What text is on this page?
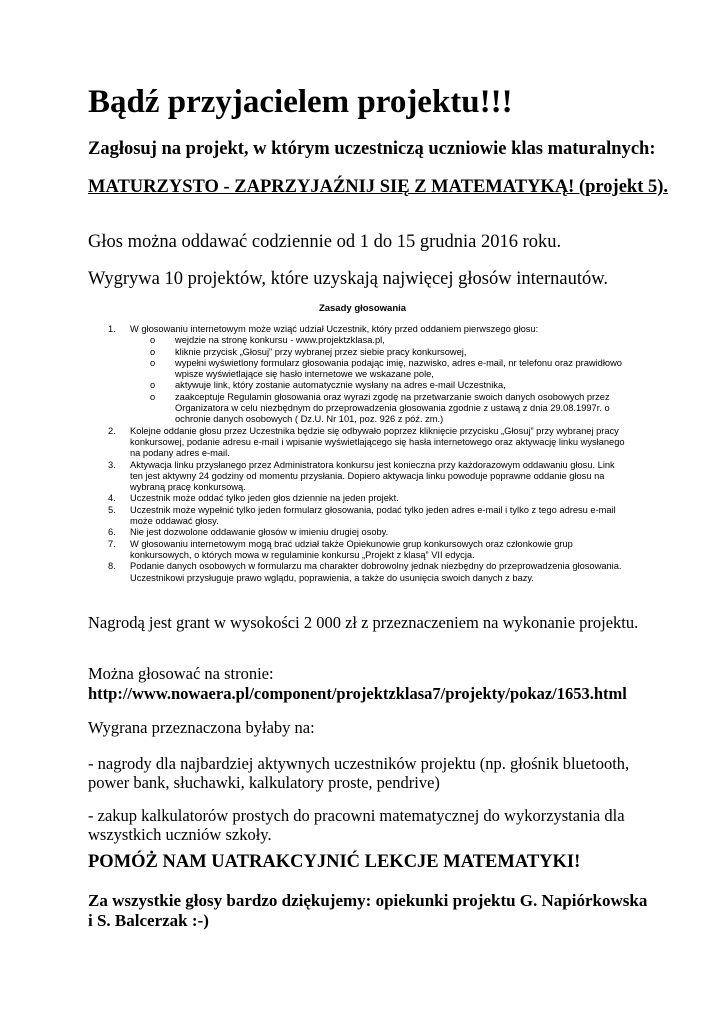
Bądź przyjacielem projektu!!!

Zagłosuj na projekt, w którym uczestniczą uczniowie klas maturalnych:

MATURZYSTO - ZAPRZYJAŹNIJ SIĘ Z MATEMATYKĄ! (projekt 5).

Głos można oddawać codziennie od 1 do 15 grudnia 2016 roku.

Wygrywa 10 projektów, które uzyskają najwięcej głosów internautów.

Zasady głosowania

1. W głosowaniu internetowym może wziąć udział Uczestnik, który przed oddaniem pierwszego głosu:
o wejdzie na stronę konkursu - www.projektzklasa.pl,
o kliknie przycisk „Głosuj” przy wybranej przez siebie pracy konkursowej,
o wypełni wyświetlony formularz głosowania podając imię, nazwisko, adres e-mail, nr telefonu oraz prawidłowo wpisze wyświetlające się hasło internetowe we wskazane pole,
o aktywuje link, który zostanie automatycznie wysłany na adres e-mail Uczestnika,
o zaakceptuje Regulamin głosowania oraz wyrazi zgodę na przetwarzanie swoich danych osobowych przez Organizatora w celu niezbędnym do przeprowadzenia głosowania zgodnie z ustawą z dnia 29.08.1997r. o ochronie danych osobowych ( Dz.U. Nr 101, poz. 926 z póź. zm.)
2. Kolejne oddanie głosu przez Uczestnika będzie się odbywało poprzez kliknięcie przycisku „Głosuj” przy wybranej pracy konkursowej, podanie adresu e-mail i wpisanie wyświetlającego się hasła internetowego oraz aktywację linku wysłanego na podany adres e-mail.
3. Aktywacja linku przysłanego przez Administratora konkursu jest konieczna przy każdorazowym oddawaniu głosu. Link ten jest aktywny 24 godziny od momentu przysłania. Dopiero aktywacja linku powoduje poprawne oddanie głosu na wybraną pracę konkursową.
4. Uczestnik może oddać tylko jeden głos dziennie na jeden projekt.
5. Uczestnik może wypełnić tylko jeden formularz głosowania, podać tylko jeden adres e-mail i tylko z tego adresu e-mail może oddawać głosy.
6. Nie jest dozwolone oddawanie głosów w imieniu drugiej osoby.
7. W głosowaniu internetowym mogą brać udział także Opiekunowie grup konkursowych oraz członkowie grup konkursowych, o których mowa w regulaminie konkursu „Projekt z klasą” VII edycja.
8. Podanie danych osobowych w formularzu ma charakter dobrowolny jednak niezbędny do przeprowadzenia głosowania. Uczestnikowi przysługuje prawo wglądu, poprawienia, a także do usunięcia swoich danych z bazy.

Nagrodą jest grant w wysokości 2 000 zł z przeznaczeniem na wykonanie projektu.

Można głosować na stronie:

http://www.nowaera.pl/component/projektzklasa7/projekty/pokaz/1653.html

Wygrana przeznaczona byłaby na:

- nagrody dla najbardziej aktywnych uczestników projektu (np. głośnik bluetooth, power bank, słuchawki, kalkulatory proste, pendrive)

- zakup kalkulatorów prostych do pracowni matematycznej do wykorzystania dla wszystkich uczniów szkoły.

POMÓŻ NAM UATRAKCYJNIĆ LEKCJE MATEMATYKI!

Za wszystkie głosy bardzo dziękujemy: opiekunki projektu G. Napiórkowska i S. Balcerzak :-)
